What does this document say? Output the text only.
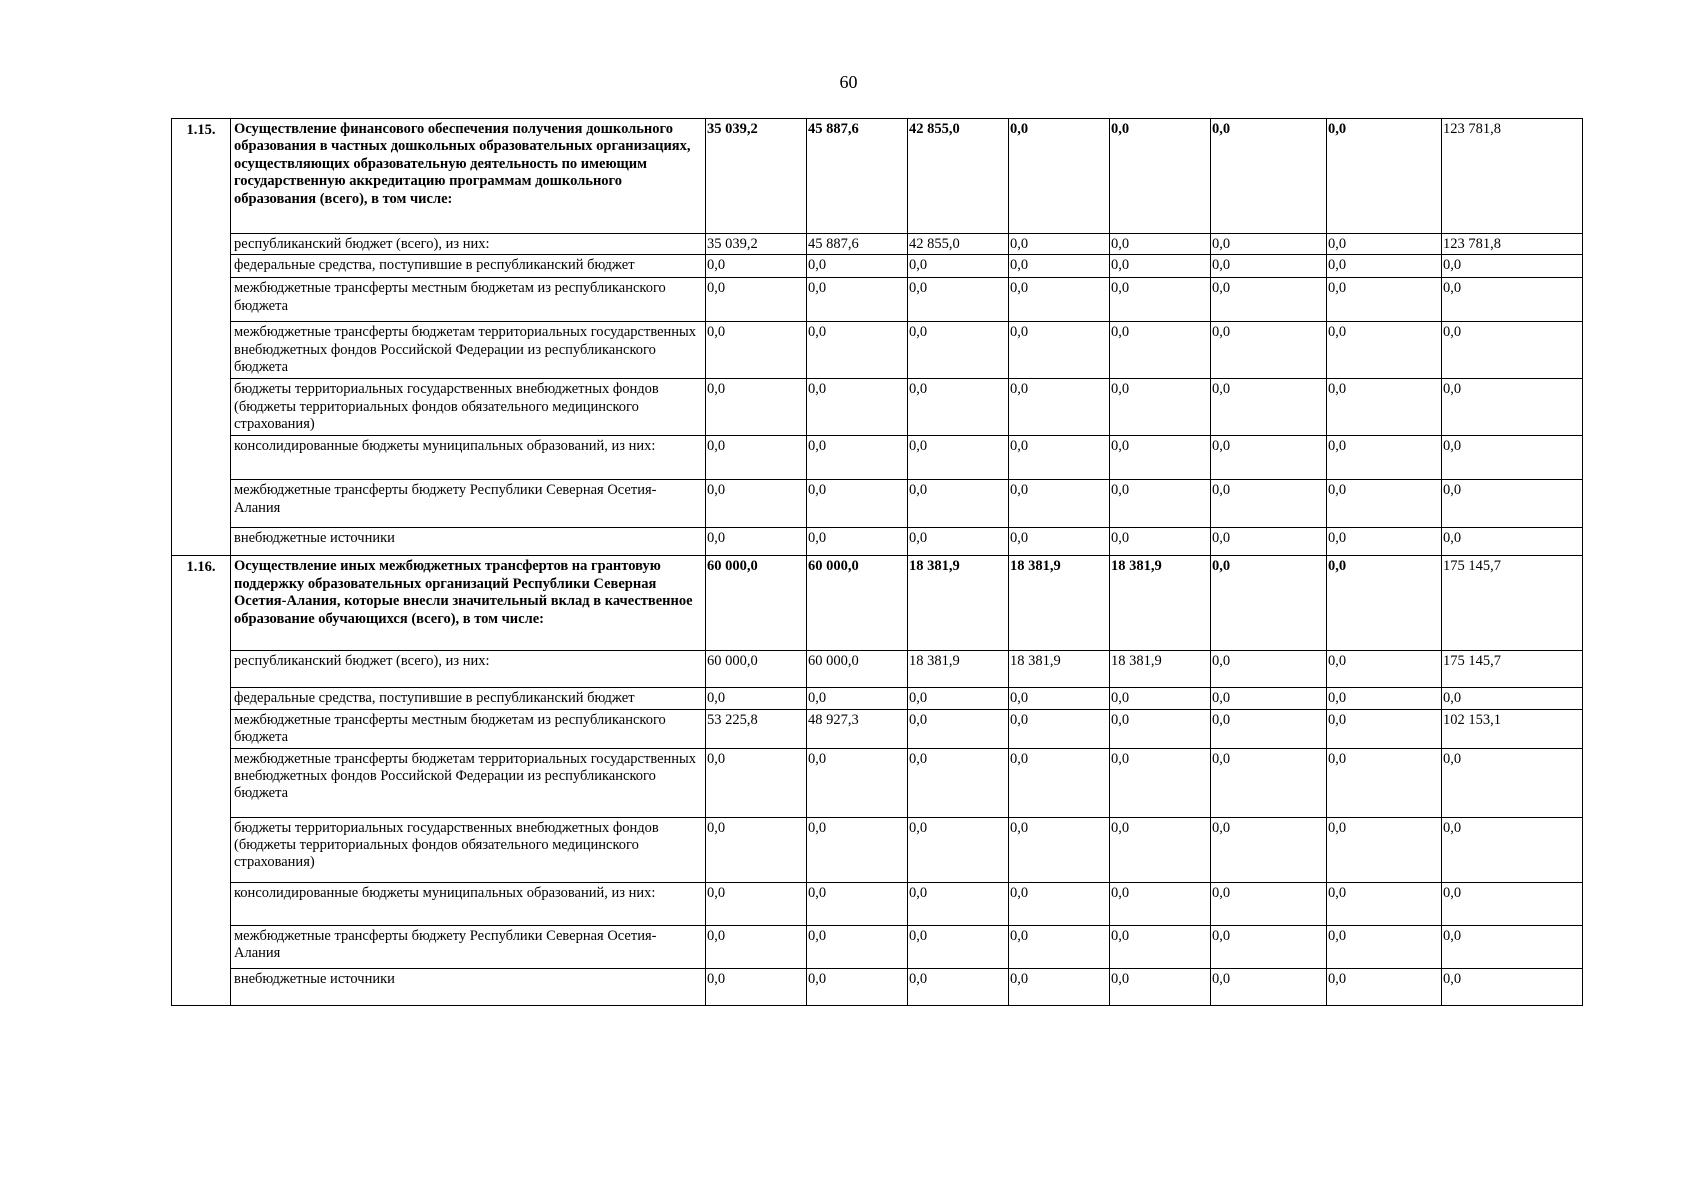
60
1.15.	Осуществление финансового обеспечения получения дошкольного образования в частных дошкольных образовательных организациях, осуществляющих образовательную деятельность по имеющим государственную аккредитацию программам дошкольного образования (всего), в том числе:	35 039,2	45 887,6	42 855,0	0,0	0,0	0,0	0,0	123 781,8
	республиканский бюджет (всего), из них:	35 039,2	45 887,6	42 855,0	0,0	0,0	0,0	0,0	123 781,8
	федеральные средства, поступившие в республиканский бюджет	0,0	0,0	0,0	0,0	0,0	0,0	0,0	0,0
	межбюджетные трансферты местным бюджетам из республиканского бюджета	0,0	0,0	0,0	0,0	0,0	0,0	0,0	0,0
	межбюджетные трансферты бюджетам территориальных государственных внебюджетных фондов Российской Федерации из республиканского бюджета	0,0	0,0	0,0	0,0	0,0	0,0	0,0	0,0
	бюджеты территориальных государственных внебюджетных фондов (бюджеты территориальных фондов обязательного медицинского страхования)	0,0	0,0	0,0	0,0	0,0	0,0	0,0	0,0
	консолидированные бюджеты муниципальных образований, из них:	0,0	0,0	0,0	0,0	0,0	0,0	0,0	0,0
	межбюджетные трансферты бюджету Республики Северная Осетия-Алания	0,0	0,0	0,0	0,0	0,0	0,0	0,0	0,0
	внебюджетные источники	0,0	0,0	0,0	0,0	0,0	0,0	0,0	0,0
1.16.	Осуществление иных межбюджетных трансфертов на грантовую поддержку образовательных организаций Республики Северная Осетия-Алания, которые внесли значительный вклад в качественное образование обучающихся (всего), в том числе:	60 000,0	60 000,0	18 381,9	18 381,9	18 381,9	0,0	0,0	175 145,7
	республиканский бюджет (всего), из них:	60 000,0	60 000,0	18 381,9	18 381,9	18 381,9	0,0	0,0	175 145,7
	федеральные средства, поступившие в республиканский бюджет	0,0	0,0	0,0	0,0	0,0	0,0	0,0	0,0
	межбюджетные трансферты местным бюджетам из республиканского бюджета	53 225,8	48 927,3	0,0	0,0	0,0	0,0	0,0	102 153,1
	межбюджетные трансферты бюджетам территориальных государственных внебюджетных фондов Российской Федерации из республиканского бюджета	0,0	0,0	0,0	0,0	0,0	0,0	0,0	0,0
	бюджеты территориальных государственных внебюджетных фондов (бюджеты территориальных фондов обязательного медицинского страхования)	0,0	0,0	0,0	0,0	0,0	0,0	0,0	0,0
	консолидированные бюджеты муниципальных образований, из них:	0,0	0,0	0,0	0,0	0,0	0,0	0,0	0,0
	межбюджетные трансферты бюджету Республики Северная Осетия-Алания	0,0	0,0	0,0	0,0	0,0	0,0	0,0	0,0
	внебюджетные источники	0,0	0,0	0,0	0,0	0,0	0,0	0,0	0,0
